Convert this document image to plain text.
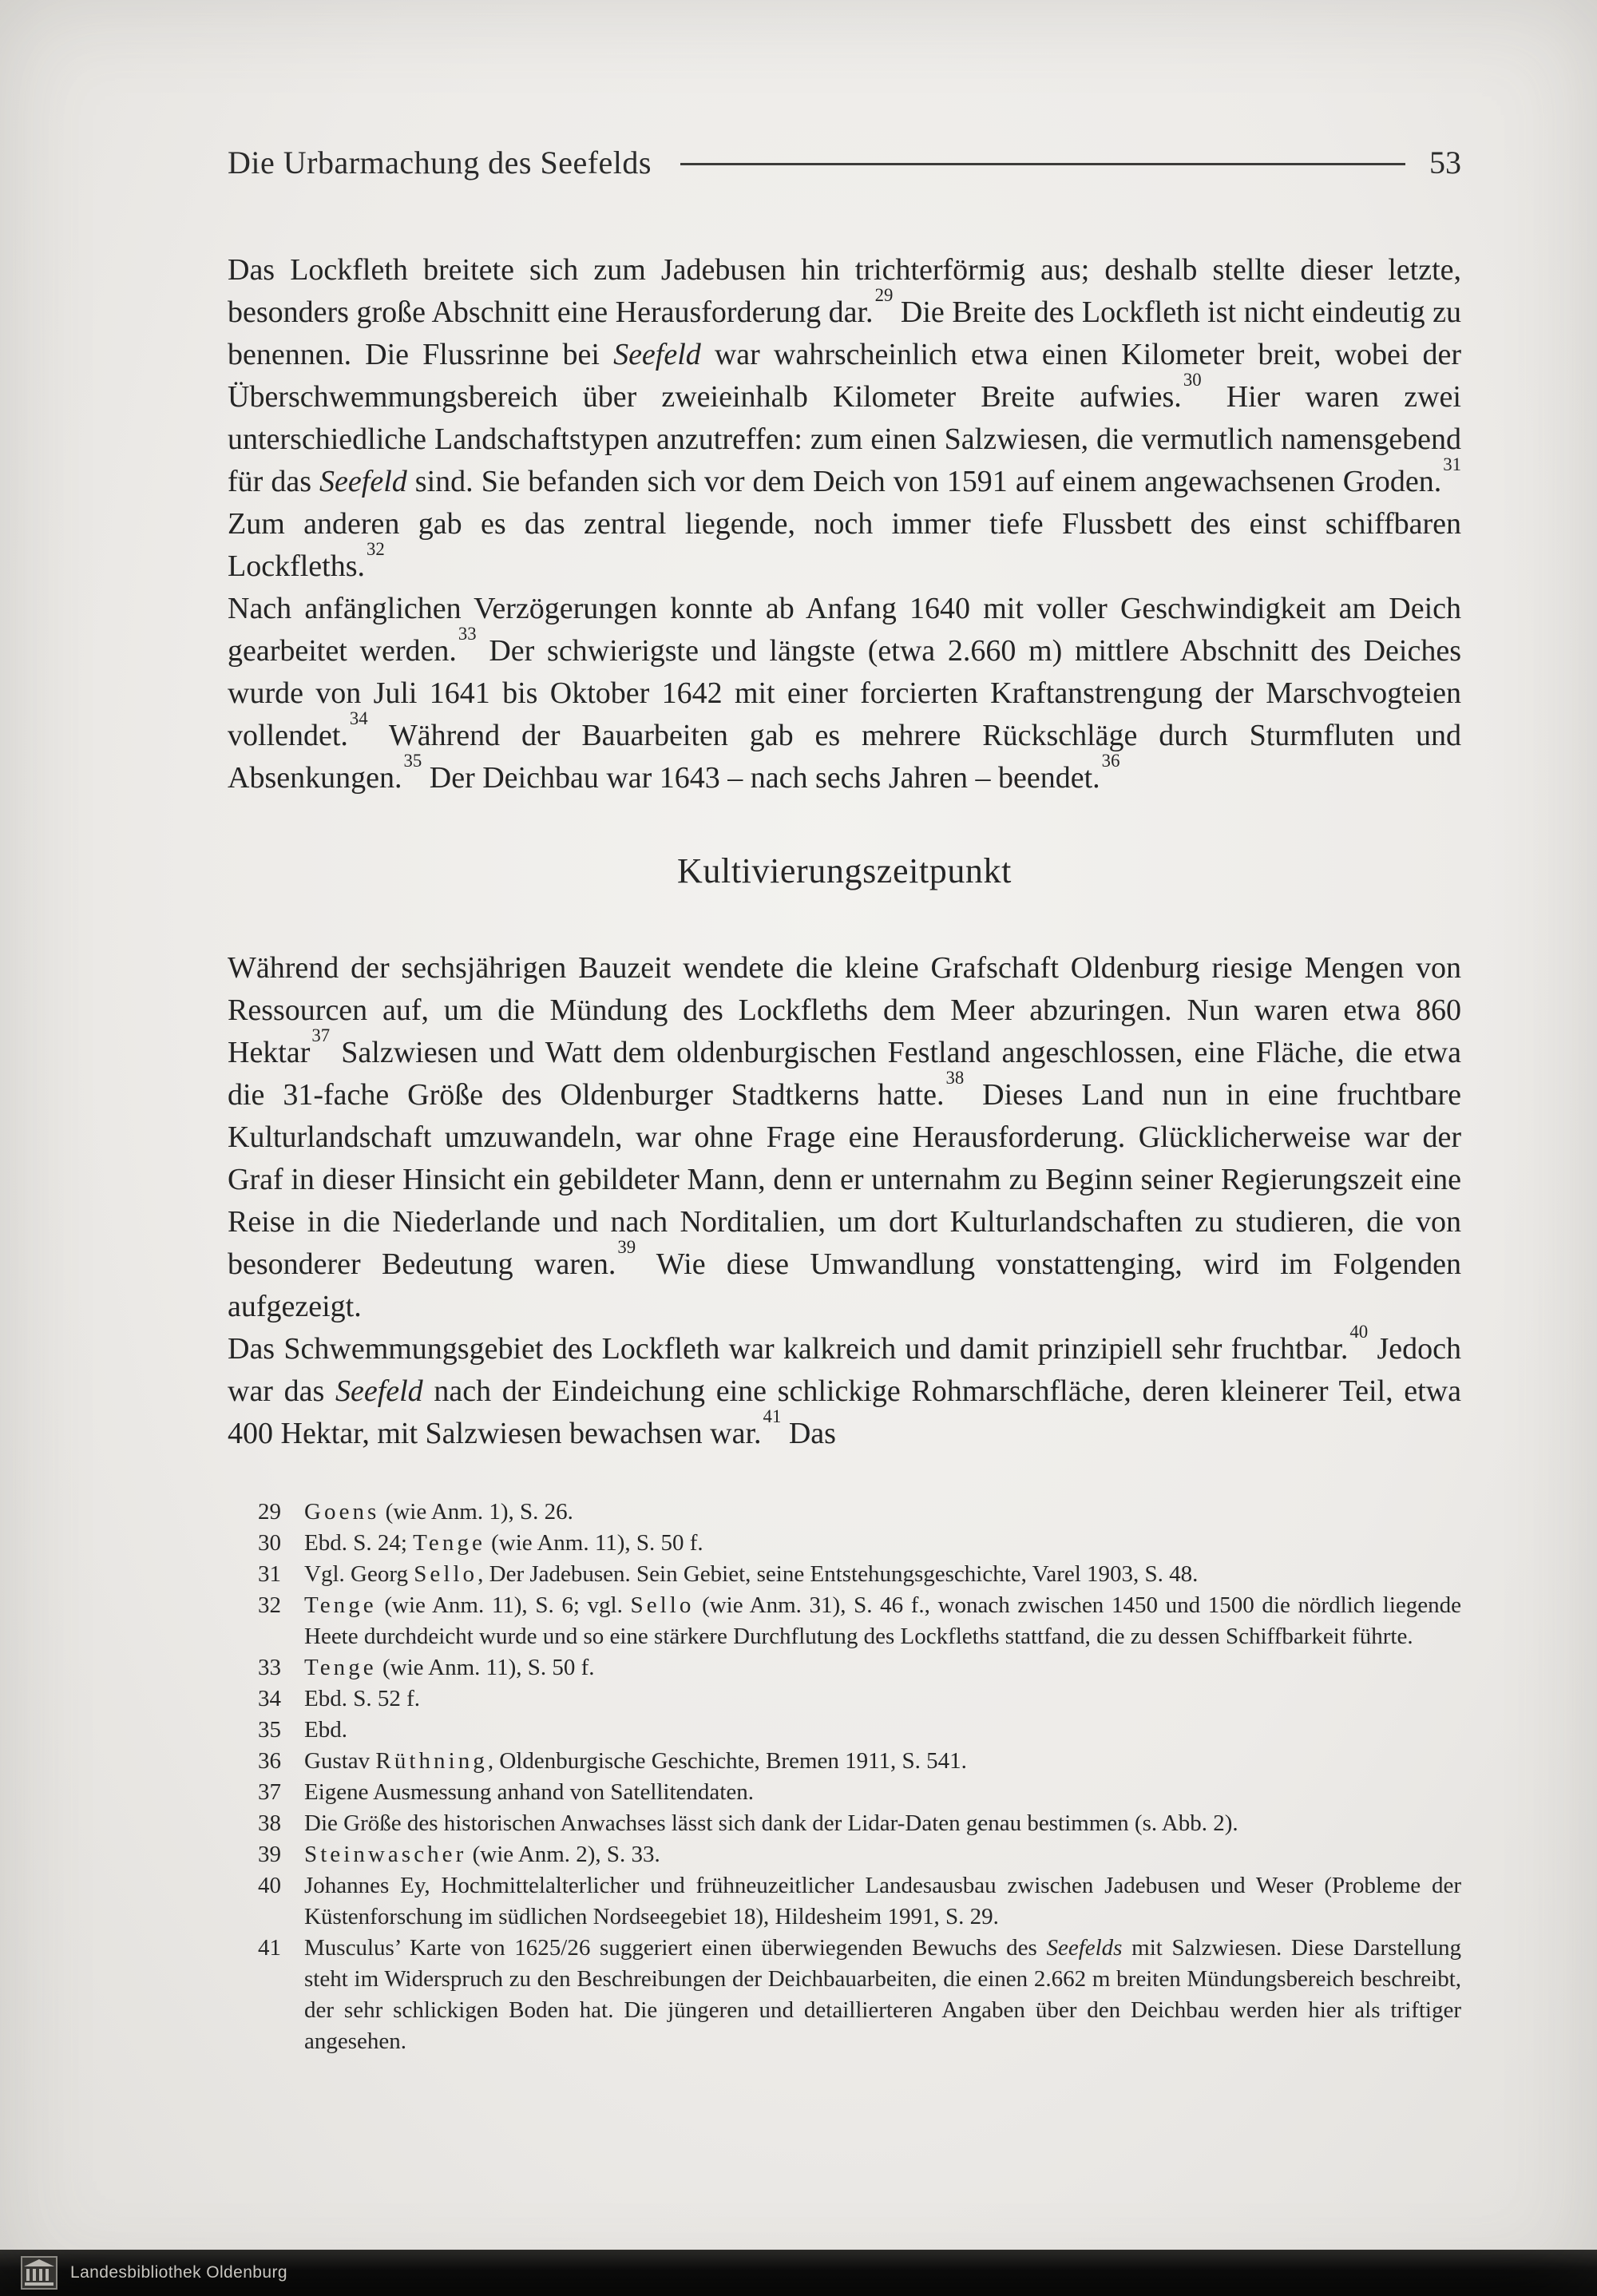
Die Urbarmachung des Seefelds	53

Das Lockfleth breitete sich zum Jadebusen hin trichterförmig aus; deshalb stellte dieser letzte, besonders große Abschnitt eine Herausforderung dar.$^{29}$ Die Breite des Lockfleth ist nicht eindeutig zu benennen. Die Flussrinne bei Seefeld war wahrscheinlich etwa einen Kilometer breit, wobei der Überschwemmungsbereich über zweieinhalb Kilometer Breite aufwies.$^{30}$ Hier waren zwei unterschiedliche Landschaftstypen anzutreffen: zum einen Salzwiesen, die vermutlich namensgebend für das Seefeld sind. Sie befanden sich vor dem Deich von 1591 auf einem angewachsenen Groden.$^{31}$ Zum anderen gab es das zentral liegende, noch immer tiefe Flussbett des einst schiffbaren Lockfleths.$^{32}$

Nach anfänglichen Verzögerungen konnte ab Anfang 1640 mit voller Geschwindigkeit am Deich gearbeitet werden.$^{33}$ Der schwierigste und längste (etwa 2.660 m) mittlere Abschnitt des Deiches wurde von Juli 1641 bis Oktober 1642 mit einer forcierten Kraftanstrengung der Marschvogteien vollendet.$^{34}$ Während der Bauarbeiten gab es mehrere Rückschläge durch Sturmfluten und Absenkungen.$^{35}$ Der Deichbau war 1643 – nach sechs Jahren – beendet.$^{36}$

Kultivierungszeitpunkt

Während der sechsjährigen Bauzeit wendete die kleine Grafschaft Oldenburg riesige Mengen von Ressourcen auf, um die Mündung des Lockfleths dem Meer abzuringen. Nun waren etwa 860 Hektar$^{37}$ Salzwiesen und Watt dem oldenburgischen Festland angeschlossen, eine Fläche, die etwa die 31-fache Größe des Oldenburger Stadtkerns hatte.$^{38}$ Dieses Land nun in eine fruchtbare Kulturlandschaft umzuwandeln, war ohne Frage eine Herausforderung. Glücklicherweise war der Graf in dieser Hinsicht ein gebildeter Mann, denn er unternahm zu Beginn seiner Regierungszeit eine Reise in die Niederlande und nach Norditalien, um dort Kulturlandschaften zu studieren, die von besonderer Bedeutung waren.$^{39}$ Wie diese Umwandlung vonstattenging, wird im Folgenden aufgezeigt.

Das Schwemmungsgebiet des Lockfleth war kalkreich und damit prinzipiell sehr fruchtbar.$^{40}$ Jedoch war das Seefeld nach der Eindeichung eine schlickige Rohmarschfläche, deren kleinerer Teil, etwa 400 Hektar, mit Salzwiesen bewachsen war.$^{41}$ Das

29	Goens (wie Anm. 1), S. 26.
30	Ebd. S. 24; Tenge (wie Anm. 11), S. 50 f.
31	Vgl. Georg Sello, Der Jadebusen. Sein Gebiet, seine Entstehungsgeschichte, Varel 1903, S. 48.
32	Tenge (wie Anm. 11), S. 6; vgl. Sello (wie Anm. 31), S. 46 f., wonach zwischen 1450 und 1500 die nördlich liegende Heete durchdeicht wurde und so eine stärkere Durchflutung des Lockfleths stattfand, die zu dessen Schiffbarkeit führte.
33	Tenge (wie Anm. 11), S. 50 f.
34	Ebd. S. 52 f.
35	Ebd.
36	Gustav Rüthning, Oldenburgische Geschichte, Bremen 1911, S. 541.
37	Eigene Ausmessung anhand von Satellitendaten.
38	Die Größe des historischen Anwachses lässt sich dank der Lidar-Daten genau bestimmen (s. Abb. 2).
39	Steinwascher (wie Anm. 2), S. 33.
40	Johannes Ey, Hochmittelalterlicher und frühneuzeitlicher Landesausbau zwischen Jadebusen und Weser (Probleme der Küstenforschung im südlichen Nordseegebiet 18), Hildesheim 1991, S. 29.
41	Musculus’ Karte von 1625/26 suggeriert einen überwiegenden Bewuchs des Seefelds mit Salzwiesen. Diese Darstellung steht im Widerspruch zu den Beschreibungen der Deichbauarbeiten, die einen 2.662 m breiten Mündungsbereich beschreibt, der sehr schlickigen Boden hat. Die jüngeren und detaillierteren Angaben über den Deichbau werden hier als triftiger angesehen.
Landesbibliothek Oldenburg
